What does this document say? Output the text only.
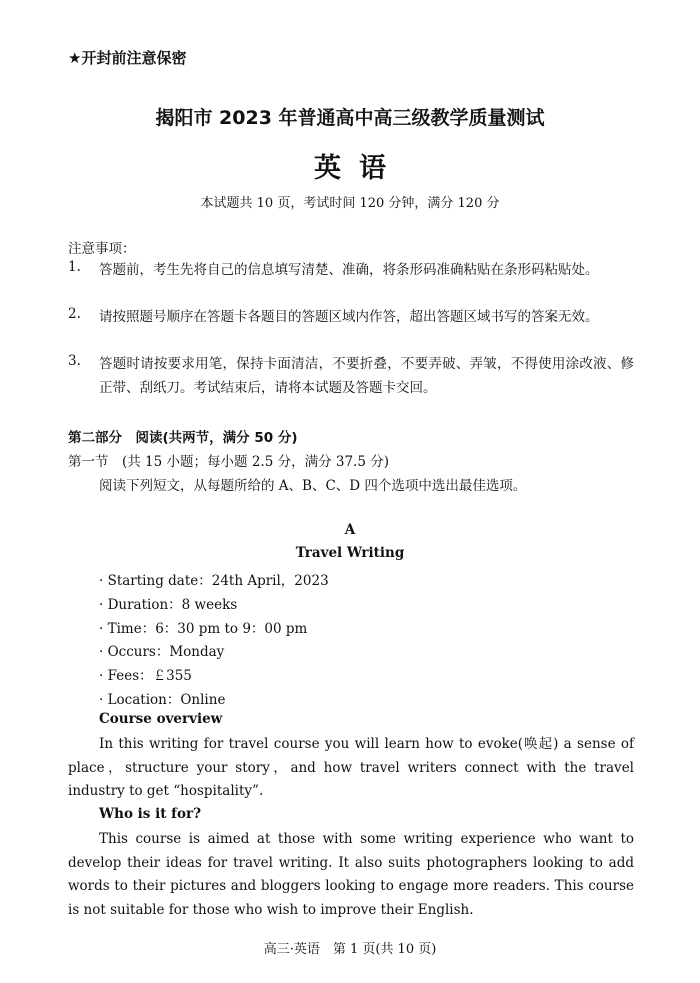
★开封前注意保密
揭阳市 2023 年普通高中高三级教学质量测试
英语
本试题共 10 页，考试时间 120 分钟，满分 120 分
注意事项：
1.	答题前，考生先将自己的信息填写清楚、准确，将条形码准确粘贴在条形码粘贴处。
2.	请按照题号顺序在答题卡各题目的答题区域内作答，超出答题区域书写的答案无效。
3.	答题时请按要求用笔，保持卡面清洁，不要折叠，不要弄破、弄皱，不得使用涂改液、修正带、刮纸刀。考试结束后，请将本试题及答题卡交回。
第二部分　阅读(共两节，满分 50 分)
第一节　(共 15 小题；每小题 2.5 分，满分 37.5 分)
阅读下列短文，从每题所给的 A、B、C、D 四个选项中选出最佳选项。
A
Travel Writing
· Starting date：24th April，2023
· Duration：8 weeks
· Time：6：30 pm to 9：00 pm
· Occurs：Monday
· Fees：￡355
· Location：Online
Course overview
In this writing for travel course you will learn how to evoke(唤起) a sense of place，structure your story，and how travel writers connect with the travel industry to get “hospitality”.
Who is it for?
This course is aimed at those with some writing experience who want to develop their ideas for travel writing. It also suits photographers looking to add words to their pictures and bloggers looking to engage more readers. This course is not suitable for those who wish to improve their English.
高三·英语　第 1 页(共 10 页)
